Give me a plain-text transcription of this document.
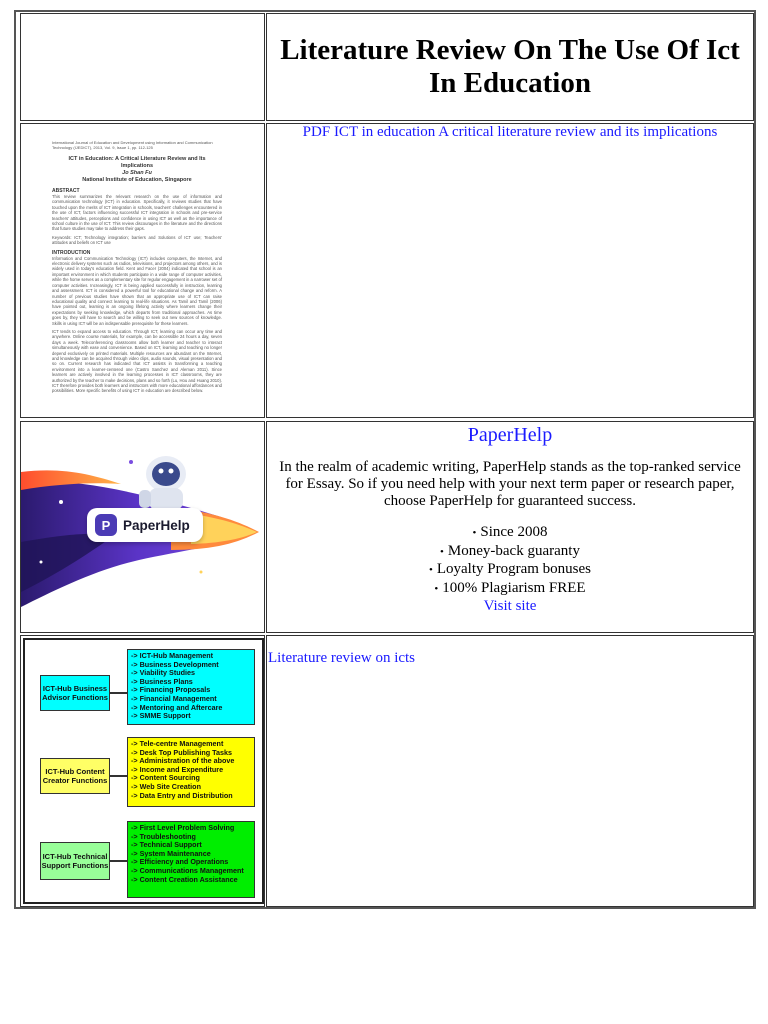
Literature Review On The Use Of Ict In Education
International Journal of Education and Development using Information and Communication Technology (IJEDICT), 2013, Vol. 9, Issue 1, pp. 112-125
ICT in Education: A Critical Literature Review and Its Implications
Jo Shan Fu
National Institute of Education, Singapore
ABSTRACT
This review summarizes the relevant research on the use of information and communication technology (ICT) in education. Specifically, it reviews studies that have touched upon the merits of ICT integration in schools, teachers' challenges encountered in the use of ICT, factors influencing successful ICT integration in schools and pre-service teachers' attitudes, perceptions and confidence in using ICT as well as the importance of school culture in the use of ICT. This review discourages in the literature and the directions that future studies may take to address their gaps.
Keywords: ICT; Technology integration; barriers and Solutions of ICT use; Teachers' attitudes and beliefs on ICT use
INTRODUCTION
Information and Communication Technology (ICT) includes computers, the Internet, and electronic delivery systems such as radios, televisions, and projectors among others, and is widely used in today's education field. Kent and Facer (2004) indicated that school is an important environment in which students participate in a wide range of computer activities, while the home serves as a complementary site for regular engagement in a narrower set of computer activities. Increasingly, ICT is being applied successfully in instruction, learning and assessment. ICT is considered a powerful tool for educational change and reform. A number of previous studies have shown that an appropriate use of ICT can raise educational quality and connect learning to real-life situations. As Tamil and Tamil (2006) have pointed out, learning is an ongoing lifelong activity where learners change their expectations by seeking knowledge, which departs from traditional approaches. As time goes by, they will have to search and be willing to seek out new sources of knowledge. Skills in using ICT will be an indispensable prerequisite for these learners.
ICT tends to expand access to education. Through ICT, learning can occur any time and anywhere. Online course materials, for example, can be accessible 24 hours a day, seven days a week. Teleconferencing classrooms allow both learner and teacher to interact simultaneously with ease and convenience. Based on ICT, learning and teaching no longer depend exclusively on printed materials. Multiple resources are abundant on the Internet, and knowledge can be acquired through video clips, audio sounds, visual presentation and so on. Current research has indicated that ICT assists in transforming a teaching environment into a learner-centered one (Castro Sanchez and Aleman 2011). Since learners are actively involved in the learning processes in ICT classrooms, they are authorized by the teacher to make decisions, plans and so forth (Lu, Hou and Huang 2010). ICT therefore provides both learners and instructors with more educational affordances and possibilities. More specific benefits of using ICT in education are described below.
PDF ICT in education A critical literature review and its implications
P PaperHelp
PaperHelp
In the realm of academic writing, PaperHelp stands as the top-ranked service for Essay. So if you need help with your next term paper or research paper, choose PaperHelp for guaranteed success.
• Since 2008
• Money-back guaranty
• Loyalty Program bonuses
• 100% Plagiarism FREE
Visit site
ICT-Hub Business Advisor Functions
-> ICT-Hub Management
-> Business Development
-> Viability Studies
-> Business Plans
-> Financing Proposals
-> Financial Management
-> Mentoring and Aftercare
-> SMME Support
ICT-Hub Content Creator Functions
-> Tele-centre Management
-> Desk Top Publishing Tasks
-> Administration of the above
-> Income and Expenditure
-> Content Sourcing
-> Web Site Creation
-> Data Entry and Distribution
ICT-Hub Technical Support Functions
-> First Level Problem Solving
-> Troubleshooting
-> Technical Support
-> System Maintenance
-> Efficiency and Operations
-> Communications Management
-> Content Creation Assistance
Literature review on icts
